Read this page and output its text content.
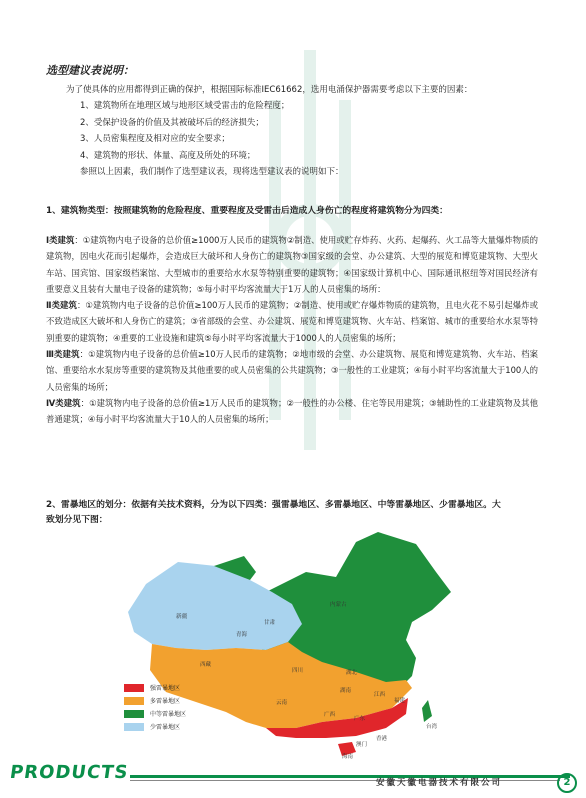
选型建议表说明：

为了使具体的应用都得到正确的保护，根据国际标准IEC61662，选用电涌保护器需要考虑以下主要的因素：

1、建筑物所在地理区域与地形区域受雷击的危险程度；

2、受保护设备的价值及其被破坏后的经济损失；

3、人员密集程度及相对应的安全要求；

4、建筑物的形状、体量、高度及所处的环境；

参照以上因素，我们制作了选型建议表，现将选型建议表的说明如下：

1、建筑物类型：按照建筑物的危险程度、重要程度及受雷击后造成人身伤亡的程度将建筑物分为四类：

Ⅰ类建筑：①建筑物内电子设备的总价值≥1000万人民币的建筑物②制造、使用或贮存炸药、火药、起爆药、火工品等大量爆炸物质的建筑物，因电火花而引起爆炸，会造成巨大破坏和人身伤亡的建筑物③国家级的会堂、办公建筑、大型的展览和博览建筑物、大型火车站、国宾馆、国家级档案馆、大型城市的重要给水水泵等特别重要的建筑物；④国家级计算机中心、国际通讯枢纽等对国民经济有重要意义且装有大量电子设备的建筑物；⑤每小时平均客流量大于1万人的人员密集的场所：

Ⅱ类建筑：①建筑物内电子设备的总价值≥100万人民币的建筑物；②制造、使用或贮存爆炸物质的建筑物，且电火花不易引起爆炸或不致造成区大破坏和人身伤亡的建筑；③省部级的会堂、办公建筑、展览和博览建筑物、火车站、档案馆、城市的重要给水水泵等特别重要的建筑物；④重要的工业设施和建筑⑤每小时平均客流量大于1000人的人员密集的场所；

Ⅲ类建筑：①建筑物内电子设备的总价值≥10万人民币的建筑物；②地市级的会堂、办公建筑物、展览和博览建筑物、火车站、档案馆、重要给水水泵房等重要的建筑物及其他重要的或人员密集的公共建筑物；③一般性的工业建筑；④每小时平均客流量大于100人的人员密集的场所；

Ⅳ类建筑：①建筑物内电子设备的总价值≥1万人民币的建筑物；②一般性的办公楼、住宅等民用建筑；③辅助性的工业建筑物及其他普通建筑；④每小时平均客流量大于10人的人员密集的场所；

2、雷暴地区的划分：依据有关技术资料，分为以下四类：强雷暴地区、多雷暴地区、中等雷暴地区、少雷暴地区。大
致划分见下图：
新疆
内蒙古
甘肃
青海
西藏
四川
云南
广西
广东
湖南
湖北
江西
福建
台湾
海南
香港
澳门
强雷暴地区
多雷暴地区
中等雷暴地区
少雷暴地区
PRODUCTS	安徽天徽电器技术有限公司	2
